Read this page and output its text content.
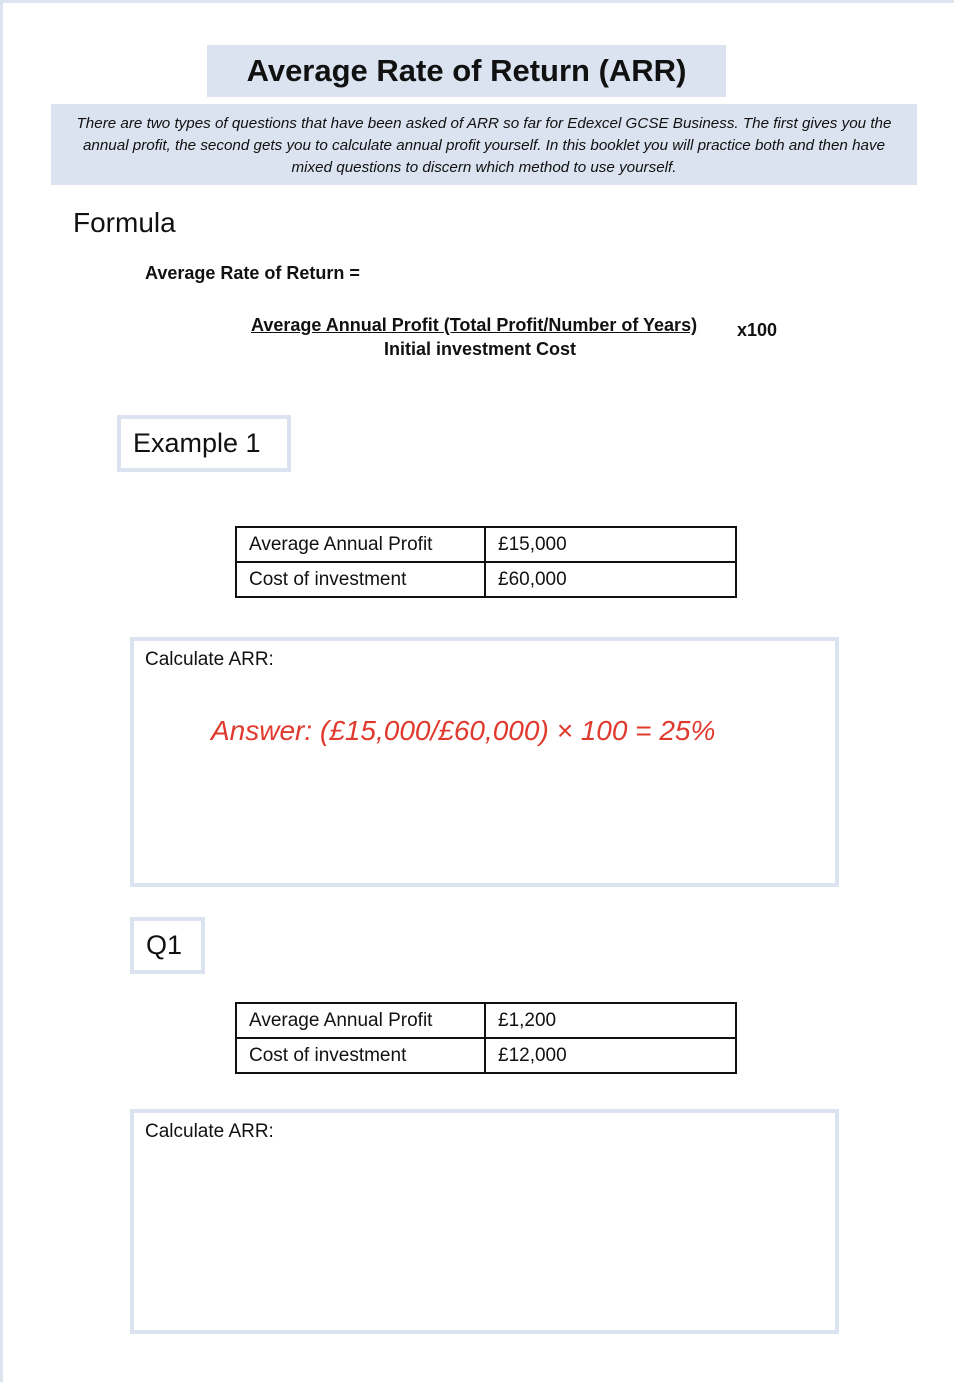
Average Rate of Return (ARR)
There are two types of questions that have been asked of ARR so far for Edexcel GCSE Business. The first gives you the annual profit, the second gets you to calculate annual profit yourself. In this booklet you will practice both and then have mixed questions to discern which method to use yourself.
Formula
Average Rate of Return =
Average Annual Profit (Total Profit/Number of Years)
Initial investment Cost
x100
Example 1
Average Annual Profit	£15,000
Cost of investment	£60,000
Calculate ARR:
Answer: (£15,000/£60,000) × 100 = 25%
Q1
Average Annual Profit	£1,200
Cost of investment	£12,000
Calculate ARR:
